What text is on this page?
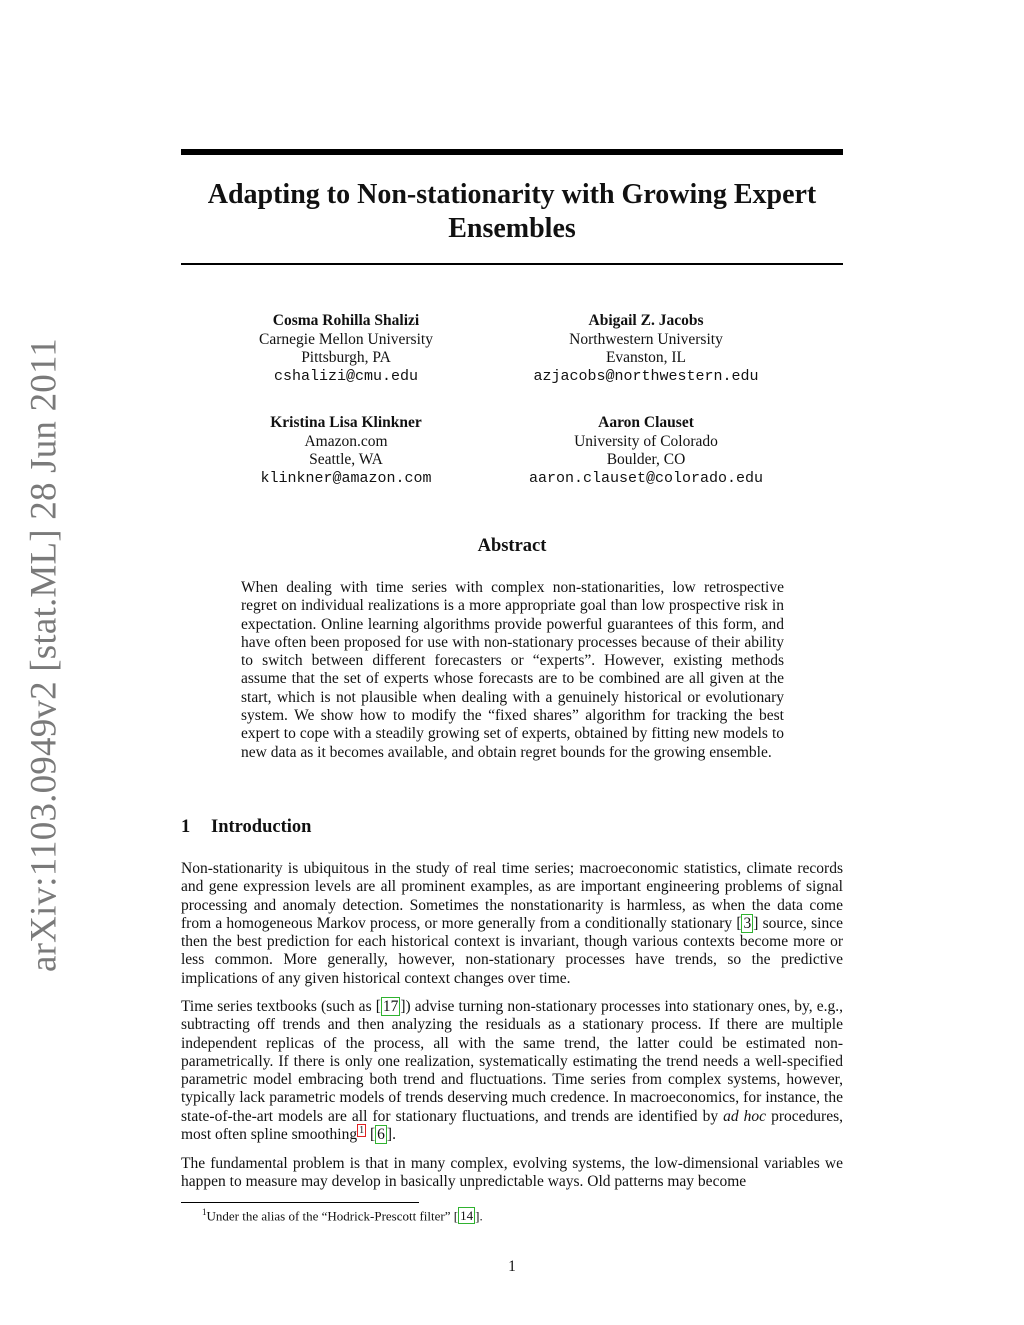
arXiv:1103.0949v2 [stat.ML] 28 Jun 2011
Adapting to Non-stationarity with Growing Expert Ensembles
Cosma Rohilla Shalizi
Carnegie Mellon University
Pittsburgh, PA
cshalizi@cmu.edu
Abigail Z. Jacobs
Northwestern University
Evanston, IL
azjacobs@northwestern.edu
Kristina Lisa Klinkner
Amazon.com
Seattle, WA
klinkner@amazon.com
Aaron Clauset
University of Colorado
Boulder, CO
aaron.clauset@colorado.edu
Abstract
When dealing with time series with complex non-stationarities, low retrospective regret on individual realizations is a more appropriate goal than low prospective risk in expectation. Online learning algorithms provide powerful guarantees of this form, and have often been proposed for use with non-stationary processes because of their ability to switch between different forecasters or “experts”. However, existing methods assume that the set of experts whose forecasts are to be combined are all given at the start, which is not plausible when dealing with a genuinely historical or evolutionary system. We show how to modify the “fixed shares” algorithm for tracking the best expert to cope with a steadily growing set of experts, obtained by fitting new models to new data as it becomes available, and obtain regret bounds for the growing ensemble.
1 Introduction
Non-stationarity is ubiquitous in the study of real time series; macroeconomic statistics, climate records and gene expression levels are all prominent examples, as are important engineering problems of signal processing and anomaly detection. Sometimes the nonstationarity is harmless, as when the data come from a homogeneous Markov process, or more generally from a conditionally stationary [ 3 ] source, since then the best prediction for each historical context is invariant, though various contexts become more or less common. More generally, however, non-stationary processes have trends, so the predictive implications of any given historical context changes over time.
Time series textbooks (such as [ 17 ]) advise turning non-stationary processes into stationary ones, by, e.g., subtracting off trends and then analyzing the residuals as a stationary process. If there are multiple independent replicas of the process, all with the same trend, the latter could be estimated non-parametrically. If there is only one realization, systematically estimating the trend needs a well-specified parametric model embracing both trend and fluctuations. Time series from complex systems, however, typically lack parametric models of trends deserving much credence. In macroeconomics, for instance, the state-of-the-art models are all for stationary fluctuations, and trends are identified by ad hoc procedures, most often spline smoothing $^1$ [ 6 ].
The fundamental problem is that in many complex, evolving systems, the low-dimensional variables we happen to measure may develop in basically unpredictable ways. Old patterns may become
$^1$Under the alias of the “Hodrick-Prescott filter” [ 14 ].
1
